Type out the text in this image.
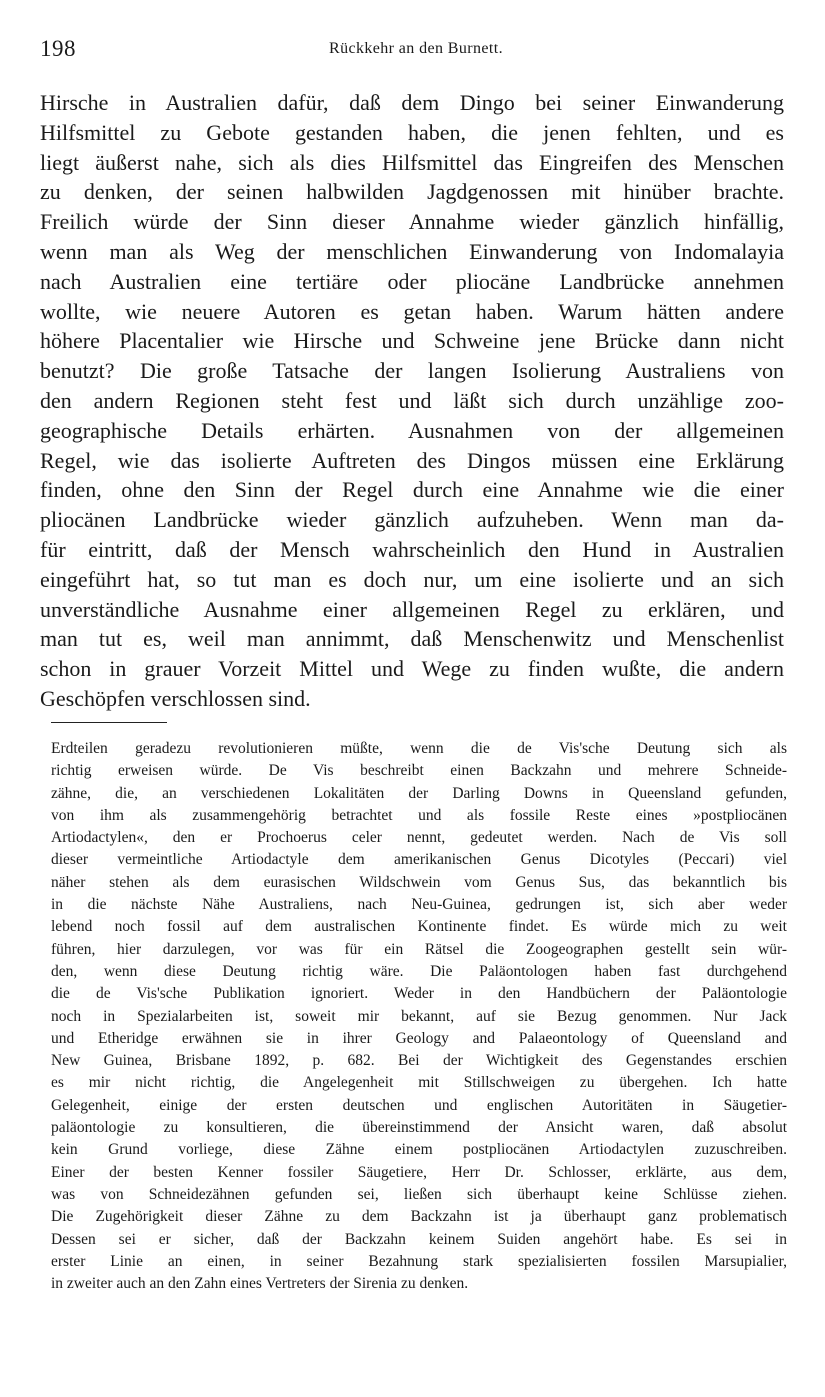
198	Rückkehr an den Burnett.
Hirsche in Australien dafür, daß dem Dingo bei seiner Einwanderung
Hilfsmittel zu Gebote gestanden haben, die jenen fehlten, und es
liegt äußerst nahe, sich als dies Hilfsmittel das Eingreifen des Menschen
zu denken, der seinen halbwilden Jagdgenossen mit hinüber brachte.
Freilich würde der Sinn dieser Annahme wieder gänzlich hinfällig,
wenn man als Weg der menschlichen Einwanderung von Indomalayia
nach Australien eine tertiäre oder pliocäne Landbrücke annehmen
wollte, wie neuere Autoren es getan haben. Warum hätten andere
höhere Placentalier wie Hirsche und Schweine jene Brücke dann nicht
benutzt? Die große Tatsache der langen Isolierung Australiens von
den andern Regionen steht fest und läßt sich durch unzählige zoo-
geographische Details erhärten. Ausnahmen von der allgemeinen
Regel, wie das isolierte Auftreten des Dingos müssen eine Erklärung
finden, ohne den Sinn der Regel durch eine Annahme wie die einer
pliocänen Landbrücke wieder gänzlich aufzuheben. Wenn man da-
für eintritt, daß der Mensch wahrscheinlich den Hund in Australien
eingeführt hat, so tut man es doch nur, um eine isolierte und an sich
unverständliche Ausnahme einer allgemeinen Regel zu erklären, und
man tut es, weil man annimmt, daß Menschenwitz und Menschenlist
schon in grauer Vorzeit Mittel und Wege zu finden wußte, die andern
Geschöpfen verschlossen sind.
Erdteilen geradezu revolutionieren müßte, wenn die de Vis'sche Deutung sich als
richtig erweisen würde. De Vis beschreibt einen Backzahn und mehrere Schneide-
zähne, die, an verschiedenen Lokalitäten der Darling Downs in Queensland gefunden,
von ihm als zusammengehörig betrachtet und als fossile Reste eines »postpliocänen
Artiodactylen«, den er Prochoerus celer nennt, gedeutet werden. Nach de Vis soll
dieser vermeintliche Artiodactyle dem amerikanischen Genus Dicotyles (Peccari) viel
näher stehen als dem eurasischen Wildschwein vom Genus Sus, das bekanntlich bis
in die nächste Nähe Australiens, nach Neu-Guinea, gedrungen ist, sich aber weder
lebend noch fossil auf dem australischen Kontinente findet. Es würde mich zu weit
führen, hier darzulegen, vor was für ein Rätsel die Zoogeographen gestellt sein wür-
den, wenn diese Deutung richtig wäre. Die Paläontologen haben fast durchgehend
die de Vis'sche Publikation ignoriert. Weder in den Handbüchern der Paläontologie
noch in Spezialarbeiten ist, soweit mir bekannt, auf sie Bezug genommen. Nur Jack
und Etheridge erwähnen sie in ihrer Geology and Palaeontology of Queensland and
New Guinea, Brisbane 1892, p. 682. Bei der Wichtigkeit des Gegenstandes erschien
es mir nicht richtig, die Angelegenheit mit Stillschweigen zu übergehen. Ich hatte
Gelegenheit, einige der ersten deutschen und englischen Autoritäten in Säugetier-
paläontologie zu konsultieren, die übereinstimmend der Ansicht waren, daß absolut
kein Grund vorliege, diese Zähne einem postpliocänen Artiodactylen zuzuschreiben.
Einer der besten Kenner fossiler Säugetiere, Herr Dr. Schlosser, erklärte, aus dem,
was von Schneidezähnen gefunden sei, ließen sich überhaupt keine Schlüsse ziehen.
Die Zugehörigkeit dieser Zähne zu dem Backzahn ist ja überhaupt ganz problematisch
Dessen sei er sicher, daß der Backzahn keinem Suiden angehört habe. Es sei in
erster Linie an einen, in seiner Bezahnung stark spezialisierten fossilen Marsupialier,
in zweiter auch an den Zahn eines Vertreters der Sirenia zu denken.
